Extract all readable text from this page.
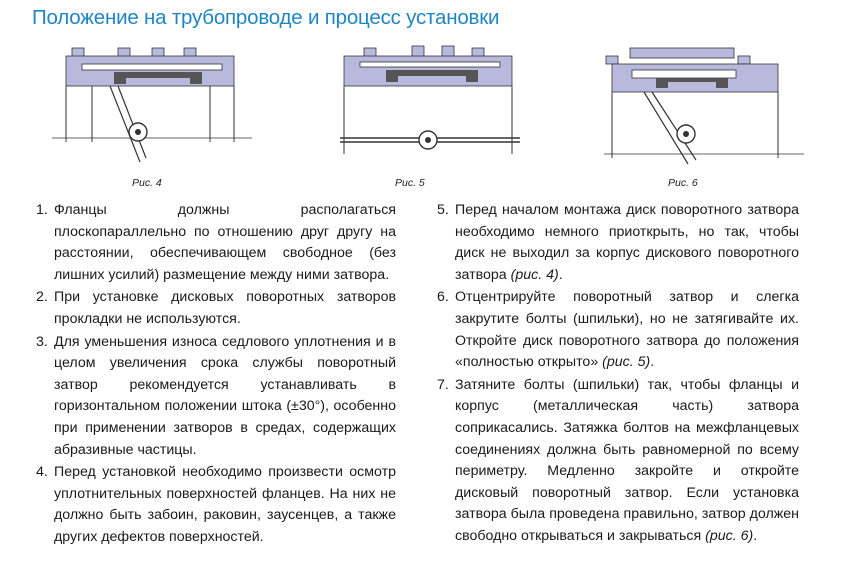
Положение на трубопроводе и процесс установки
Рис. 4	Рис. 5	Рис. 6
1. Фланцы должны располагаться плоскопараллельно по отношению друг другу на расстоянии, обеспечивающем свободное (без лишних усилий) размещение между ними затвора.
2. При установке дисковых поворотных затворов прокладки не используются.
3. Для уменьшения износа седлового уплотнения и в целом увеличения срока службы поворотный затвор рекомендуется устанавливать в горизонтальном положении штока (±30°), особенно при применении затворов в средах, содержащих абразивные частицы.
4. Перед установкой необходимо произвести осмотр уплотнительных поверхностей фланцев. На них не должно быть забоин, раковин, заусенцев, а также других дефектов поверхностей.
5. Перед началом монтажа диск поворотного затвора необходимо немного приоткрыть, но так, чтобы диск не выходил за корпус дискового поворотного затвора (рис. 4).
6. Отцентрируйте поворотный затвор и слегка закрутите болты (шпильки), но не затягивайте их. Откройте диск поворотного затвора до положения «полностью открыто» (рис. 5).
7. Затяните болты (шпильки) так, чтобы фланцы и корпус (металлическая часть) затвора соприкасались. Затяжка болтов на межфланцевых соединениях должна быть равномерной по всему периметру. Медленно закройте и откройте дисковый поворотный затвор. Если установка затвора была проведена правильно, затвор должен свободно открываться и закрываться (рис. 6).
